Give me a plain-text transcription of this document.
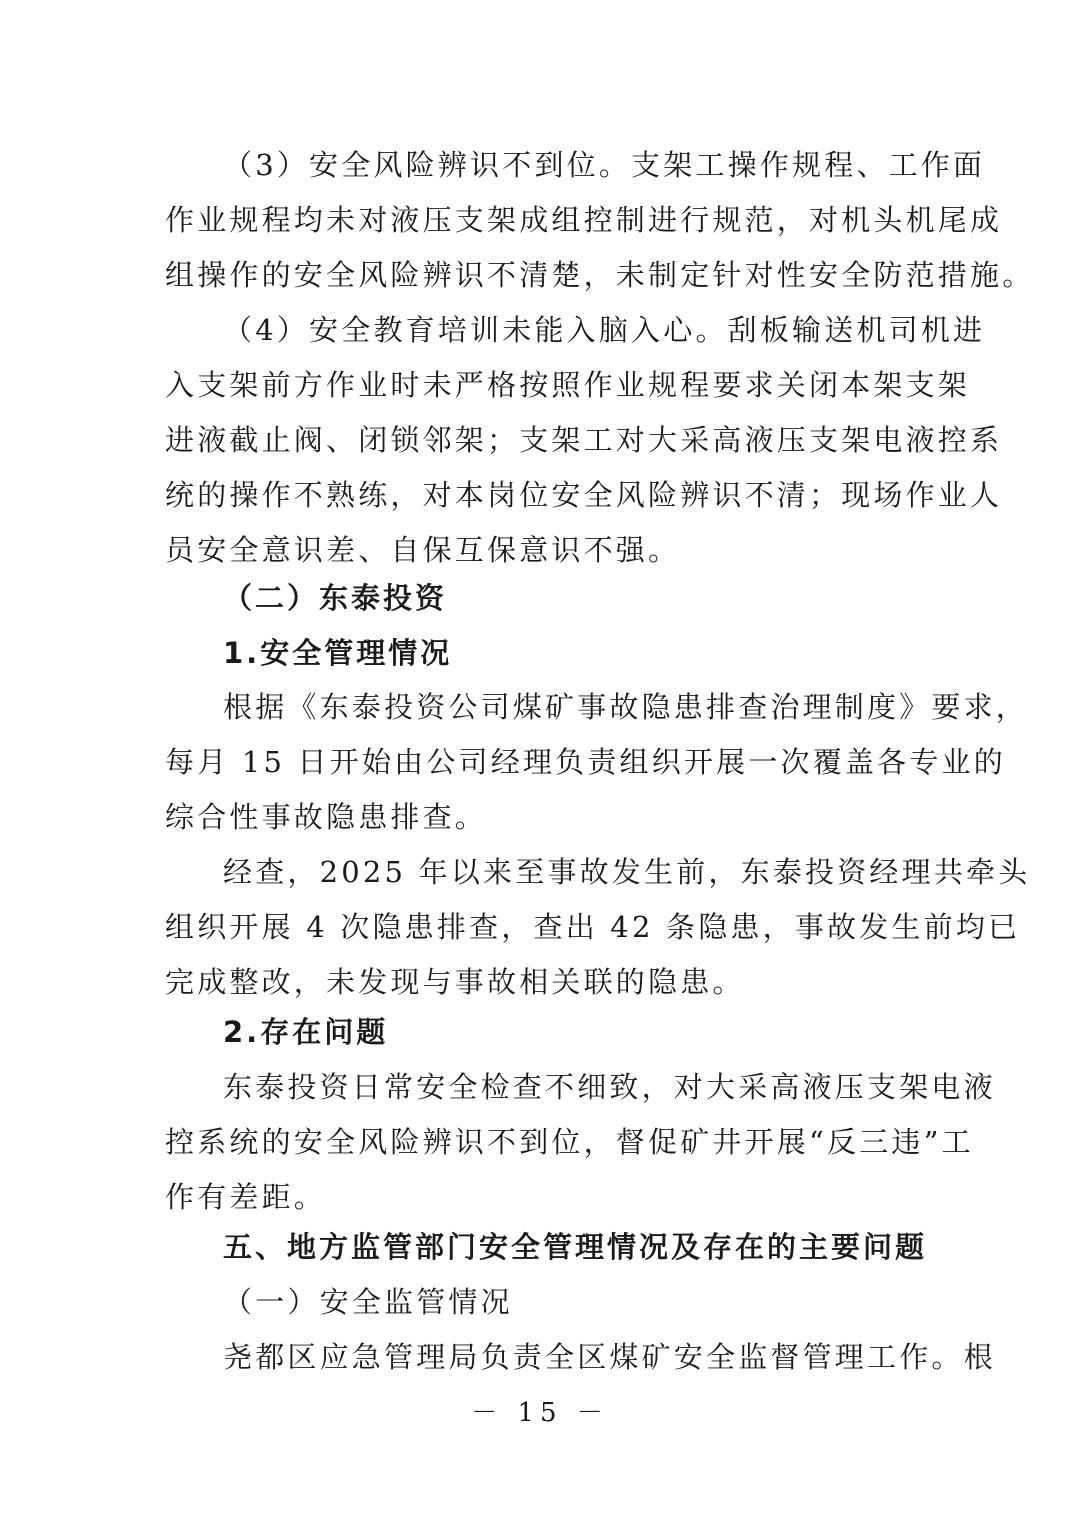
（3）安全风险辨识不到位。支架工操作规程、工作面
作业规程均未对液压支架成组控制进行规范，对机头机尾成
组操作的安全风险辨识不清楚，未制定针对性安全防范措施。
（4）安全教育培训未能入脑入心。刮板输送机司机进
入支架前方作业时未严格按照作业规程要求关闭本架支架
进液截止阀、闭锁邻架；支架工对大采高液压支架电液控系
统的操作不熟练，对本岗位安全风险辨识不清；现场作业人
员安全意识差、自保互保意识不强。
（二）东泰投资
1.安全管理情况
根据《东泰投资公司煤矿事故隐患排查治理制度》要求，
每月 15 日开始由公司经理负责组织开展一次覆盖各专业的
综合性事故隐患排查。
经查，2025 年以来至事故发生前，东泰投资经理共牵头
组织开展 4 次隐患排查，查出 42 条隐患，事故发生前均已
完成整改，未发现与事故相关联的隐患。
2.存在问题
东泰投资日常安全检查不细致，对大采高液压支架电液
控系统的安全风险辨识不到位，督促矿井开展“反三违”工
作有差距。
五、地方监管部门安全管理情况及存在的主要问题
（一）安全监管情况
尧都区应急管理局负责全区煤矿安全监督管理工作。根
－ 15 －
